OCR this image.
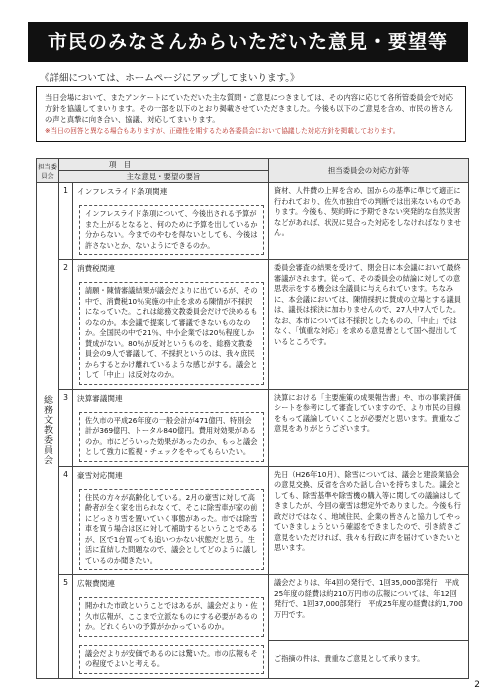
市民のみなさんからいただいた意見・要望等
《詳細については、ホームページにアップしてまいります。》
当日会場において、またアンケートにていただいた主な質問・ご意見につきましては、その内容に応じて各所管委員会で対応方針を協議してまいります。その一部を以下のとおり掲載させていただきました。今後も以下のご意見を含め、市民の皆さんの声と真摯に向き合い、協議、対応してまいります。
※当日の回答と異なる場合もありますが、正確性を期するため各委員会において協議した対応方針を掲載しております。
担当委員会	項　目		担当委員会の対応方針等
	主な意見・要望の要旨		

総務文教委員会	1	インフレスライド条項関連	資材、人件費の上昇を含め、国からの基準に準じて適正に行われており、佐久市独自での判断では出来ないものであります。今後も、契約時に予期できない突発的な自然災害などがあれば、状況に見合った対応をしなければなりません。

		インフレスライド条項について、今後出される予算がまた上がるとなると、何のために予算を出しているか分からない。今までのやむを得ないとしても、今後は許さないとか、ないようにできるのか。	

	2	消費税関連	委員会審査の結果を受けて、閉会日に本会議において最終審議がされます。従って、その委員会の結論に対しての意思表示をする機会は全議員に与えられています。ちなみに、本会議においては、陳情採択に賛成の立場とする議員は、議長は採決に加わりませんので、27人中7人でした。なお、本市については不採択としたものの、「中止」ではなく、「慎重な対応」を求める意見書として国へ提出しているところです。

		請願・陳情審議結果が議会だよりに出ているが、その中で、消費税10％実施の中止を求める陳情が不採択になっていた。これは総務文教委員会だけで決めるものなのか。本会議で提案して審議できないものなのか。全国民の中で21％、中小企業では20％程度しか賛成がない。80％が反対というものを、総務文教委員会の9人で審議して、不採択というのは、我々庶民からするとかけ離れているような感じがする。議会として「中止」は反対なのか。	

	3	決算審議関連	決算における「主要施策の成果報告書」や、市の事業評価シートを参考にして審査していますので、より市民の目線をもって議論していくことが必要だと思います。貴重なご意見をありがとうございます。

		佐久市の平成26年度の一般会計が471億円、特別会計が369億円、トータル840億円。費用対効果があるのか。市にどういった効果があったのか、もっと議会として強力に監視・チェックをやってもらいたい。	

	4	豪雪対応関連	先日（H26年10月）、除雪については、議会と建設業協会の意見交換、反省を含めた話し合いを持ちました。議会としても、除雪基準や除雪機の購入等に関しての議論はしてきましたが、今回の豪雪は想定外でありました。今後も行政だけではなく、地域住民、企業の皆さんと協力してやっていきましょうという確認をできましたので、引き続きご意見をいただければ、我々も行政に声を届けていきたいと思います。

		住民の方々が高齢化している。2月の豪雪に対して高齢者が全く家を出られなくて、そこに除雪車が家の前にどっさり雪を置いていく事態があった。市では除雪車を買う場合は区に対して補助するということであるが、区で1台買っても追いつかない状態だと思う。生活に直結した問題なので、議会としてどのように議しているのか聞きたい。	

	5	広報費関連	議会だよりは、年4回の発行で、1回35,000部発行　平成25年度の経費は約210万円市の広報については、年12回発行で、1回37,000部発行　平成25年度の経費は約1,700万円です。

		開かれた市政ということではあるが、議会だより・佐久市広報が、ここまで立派なものにする必要があるのか。どれくらいの予算がかかっているのか。	

		議会だよりが安価であるのには驚いた。市の広報もその程度でよいと考える。	ご指摘の件は、貴重なご意見として承ります。
2
